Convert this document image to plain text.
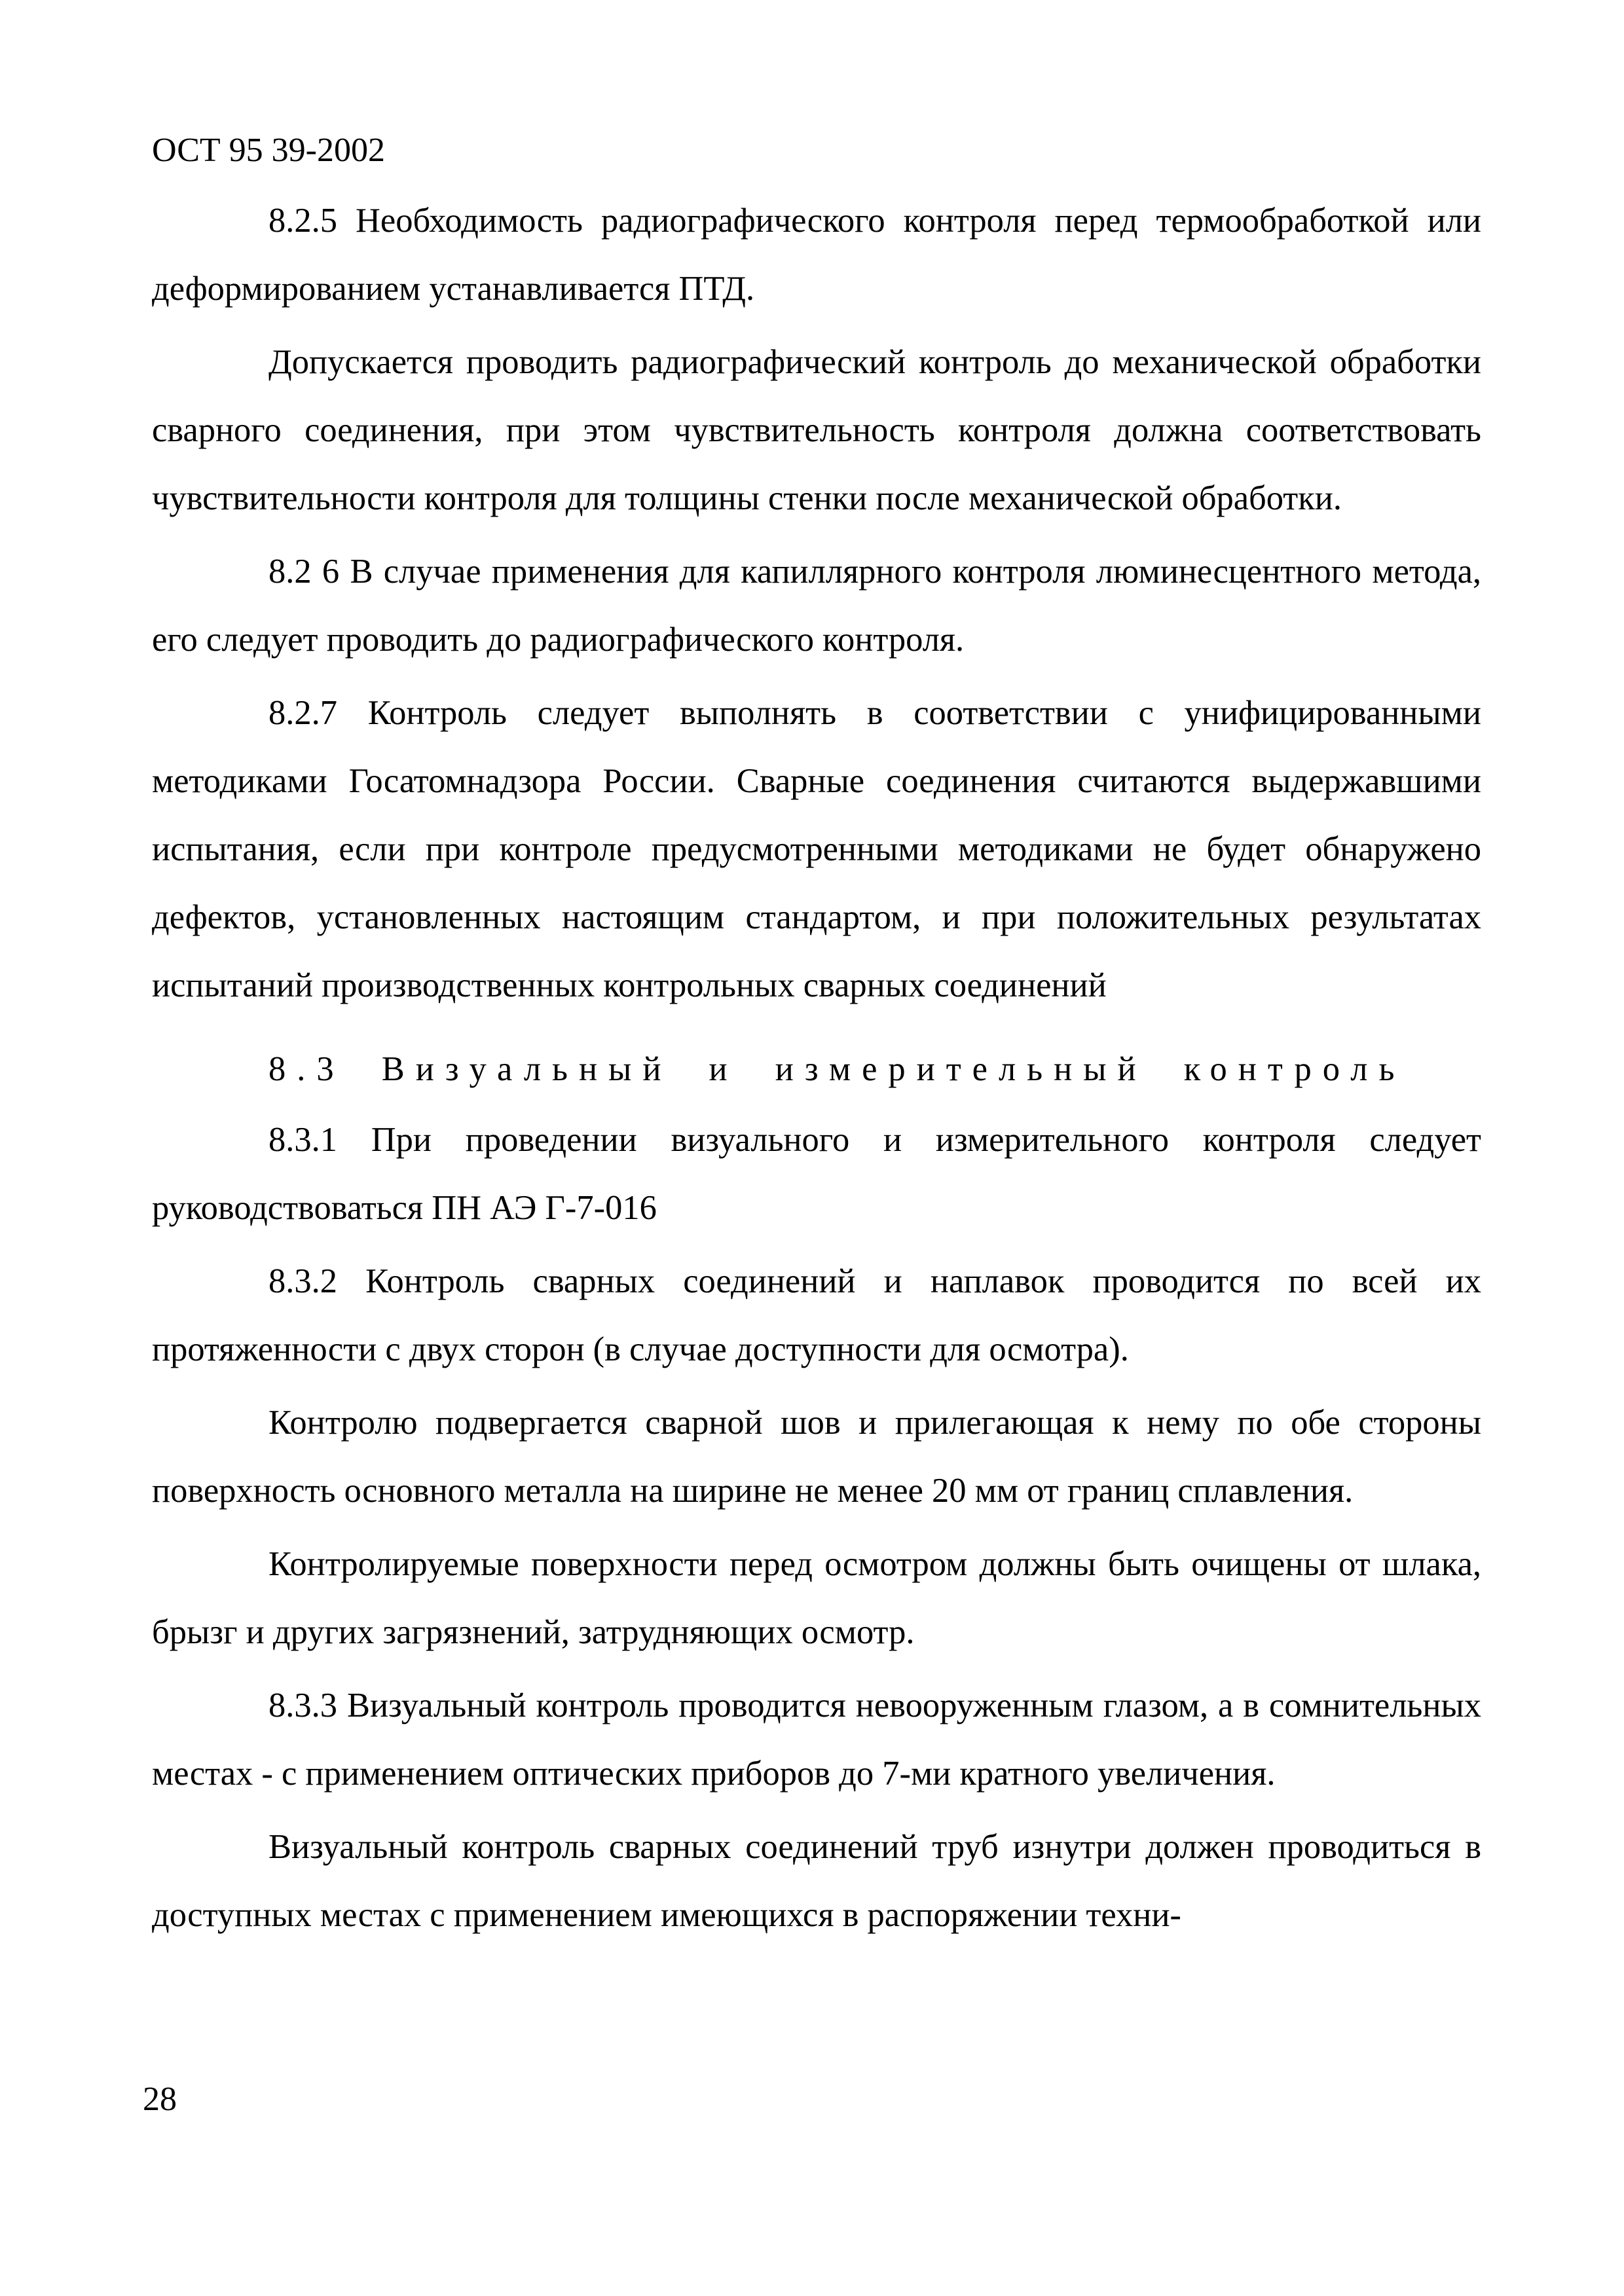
ОСТ 95 39-2002

8.2.5 Необходимость радиографического контроля перед термообработкой или деформированием устанавливается ПТД.

Допускается проводить радиографический контроль до механической обработки сварного соединения, при этом чувствительность контроля должна соответствовать чувствительности контроля для толщины стенки после механической обработки.

8.2 6 В случае применения для капиллярного контроля люминесцентного метода, его следует проводить до радиографического контроля.

8.2.7 Контроль следует выполнять в соответствии с унифицированными методиками Госатомнадзора России. Сварные соединения считаются выдержавшими испытания, если при контроле предусмотренными методиками не будет обнаружено дефектов, установленных настоящим стандартом, и при положительных результатах испытаний производственных контрольных сварных соединений

8.3 Визуальный и измерительный контроль

8.3.1 При проведении визуального и измерительного контроля следует руководствоваться ПН АЭ Г-7-016

8.3.2 Контроль сварных соединений и наплавок проводится по всей их протяженности с двух сторон (в случае доступности для осмотра).

Контролю подвергается сварной шов и прилегающая к нему по обе стороны поверхность основного металла на ширине не менее 20 мм от границ сплавления.

Контролируемые поверхности перед осмотром должны быть очищены от шлака, брызг и других загрязнений, затрудняющих осмотр.

8.3.3 Визуальный контроль проводится невооруженным глазом, а в сомнительных местах - с применением оптических приборов до 7-ми кратного увеличения.

Визуальный контроль сварных соединений труб изнутри должен проводиться в доступных местах с применением имеющихся в распоряжении техни-

28
